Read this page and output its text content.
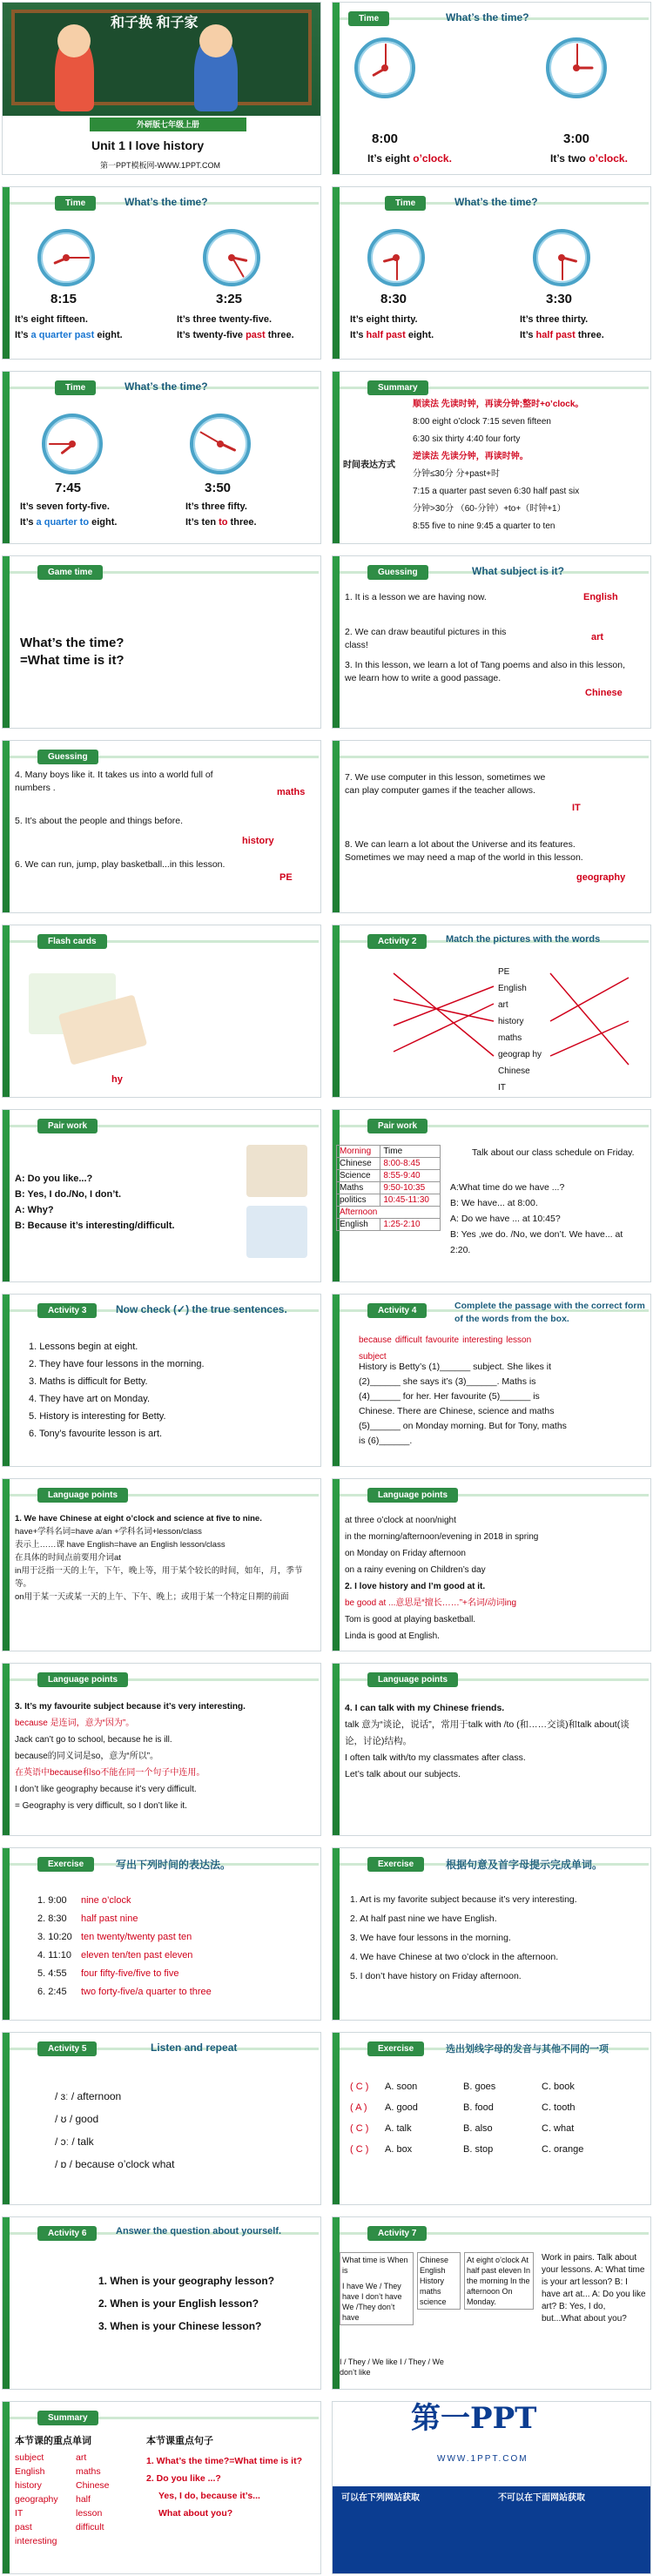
和子换 和子家
外研版七年级上册
Unit 1 I love history
第一PPT模板网-WWW.1PPT.COM
Time	What’s the time?
8:00	3:00
It’s eight o’clock.	It’s two o’clock.
Time	What’s the time?
8:15	3:25
It’s eight fifteen.
It’s a quarter past eight.
It’s three twenty-five.
It’s twenty-five past three.
Time	What’s the time?
8:30	3:30
It’s eight thirty.
It’s half past eight.
It’s three thirty.
It’s half past three.
Time	What’s the time?
7:45	3:50
It’s seven forty-five.
It’s a quarter to eight.
It’s three fifty.
It’s ten to three.
Summary
时间表达方式
顺读法 先读时钟，再读分钟;整时+o’clock。
8:00 eight o’clock 7:15 seven fifteen
6:30 six thirty 4:40 four forty
逆读法 先读分钟，再读时钟。
分钟≤30分 分+past+时
7:15 a quarter past seven 6:30 half past six
分钟>30分 （60-分钟）+to+（时钟+1）
8:55 five to nine 9:45 a quarter to ten
Game time
What’s the time?
=What time is it?
Guessing	What subject is it?
1. It is a lesson we are having now.	English
2. We can draw beautiful pictures in this class!
art
3. In this lesson, we learn a lot of Tang poems and also in this lesson, we learn how to write a good passage.
Chinese
Guessing
4. Many boys like it. It takes us into a world full of numbers .	maths
5. It’s about the people and things before.
history
6. We can run, jump, play basketball...in this lesson.
PE
7. We use computer in this lesson, sometimes we can play computer games if the teacher allows.
IT
8. We can learn a lot about the Universe and its features. Sometimes we may need a map of the world in this lesson.
geography
Flash cards
hy
Activity 2	Match the pictures with the words
PE
English
art
history
maths
geograp hy
Chinese
IT
Pair work
A: Do you like...?
B: Yes, I do./No, I don’t.
A: Why?
B: Because it’s interesting/difficult.
Pair work
Talk about our class schedule on Friday.
Morning	Time
Chinese	8:00-8:45
Science	8:55-9:40
Maths	9:50-10:35
politics	10:45-11:30
Afternoon	
English	1:25-2:10
A:What time do we have ...?
B: We have... at 8:00.
A: Do we have ... at 10:45?
B: Yes ,we do. /No, we don’t. We have... at 2:20.
Activity 3	Now check (✓) the true sentences.
1. Lessons begin at eight.
2. They have four lessons in the morning.
3. Maths is difficult for Betty.
4. They have art on Monday.
5. History is interesting for Betty.
6. Tony’s favourite lesson is art.
Activity 4	Complete the passage with the correct form of the words from the box.
because difficult favourite interesting lesson
subject
History is Betty’s (1)______ subject. She likes it (2)______ she says it’s (3)______. Maths is (4)______ for her. Her favourite (5)______ is Chinese. There are Chinese, science and maths (5)______ on Monday morning. But for Tony, maths is (6)______.
Language points
1. We have Chinese at eight o’clock and science at five to nine.
have+学科名词=have a/an +学科名词+lesson/class
表示上……课 have English=have an English lesson/class
在具体的时间点前要用介词at
in用于泛指一天的上午，下午，晚上等，用于某个较长的时间，如年，月，季节等。
on用于某一天或某一天的上午、下午、晚上；或用于某一个特定日期的前面
Language points
at three o’clock at noon/night
in the morning/afternoon/evening in 2018 in spring
on Monday on Friday afternoon
on a rainy evening on Children’s day
2. I love history and I’m good at it.
be good at ...意思是“擅长……”+名词/动词ing
Tom is good at playing basketball.
Linda is good at English.
Language points
3. It’s my favourite subject because it’s very interesting.
because 是连词，意为“因为”。
Jack can’t go to school, because he is ill.
because的同义词是so，意为“所以”。
在英语中because和so不能在同一个句子中连用。
I don’t like geography because it’s very difficult.
= Geography is very difficult, so I don’t like it.
Language points
4. I can talk with my Chinese friends.
talk 意为“谈论，说话”，常用于talk with /to (和……交谈)和talk about(谈论，讨论)结构。
I often talk with/to my classmates after class.
Let’s talk about our subjects.
Exercise	写出下列时间的表达法。
1. 9:00 nine o’clock
2. 8:30 half past nine
3. 10:20 ten twenty/twenty past ten
4. 11:10 eleven ten/ten past eleven
5. 4:55 four fifty-five/five to five
6. 2:45 two forty-five/a quarter to three
Exercise	根据句意及首字母提示完成单词。
1. Art is my favorite subject because it’s very interesting.
2. At half past nine we have English.
3. We have four lessons in the morning.
4. We have Chinese at two o’clock in the afternoon.
5. I don’t have history on Friday afternoon.
Activity 5	Listen and repeat
/ ɜː / afternoon
/ ʊ / good
/ ɔː / talk
/ ɒ / because o’clock what
Exercise	选出划线字母的发音与其他不同的一项
( C ) A. soon	B. goes	C. book
( A ) A. good	B. food	C. tooth
( C ) A. talk	B. also	C. what
( C ) A. box	B. stop	C. orange
Activity 6	Answer the question about yourself.
1. When is your geography lesson?
2. When is your English lesson?
3. When is your Chinese lesson?
Activity 7
What time is When is
I have We / They have I don’t have We /They don’t have
Chinese English History maths science
At eight o’clock At half past eleven In the morning In the afternoon On Monday.
I / They / We like I / They / We don’t like
Work in pairs. Talk about your lessons. A: What time is your art lesson? B: I have art at... A: Do you like art? B: Yes, I do, but...What about you?
Summary
本节课的重点单词	本节课重点句子
subject	art
English	maths
history	Chinese
geography half
IT	lesson
past	difficult
interesting
1. What’s the time?=What time is it?
2. Do you like ...?
Yes, I do, because it’s...
What about you?
第一PPT
WWW.1PPT.COM
可以在下列网站获取	不可以在下面网站获取
